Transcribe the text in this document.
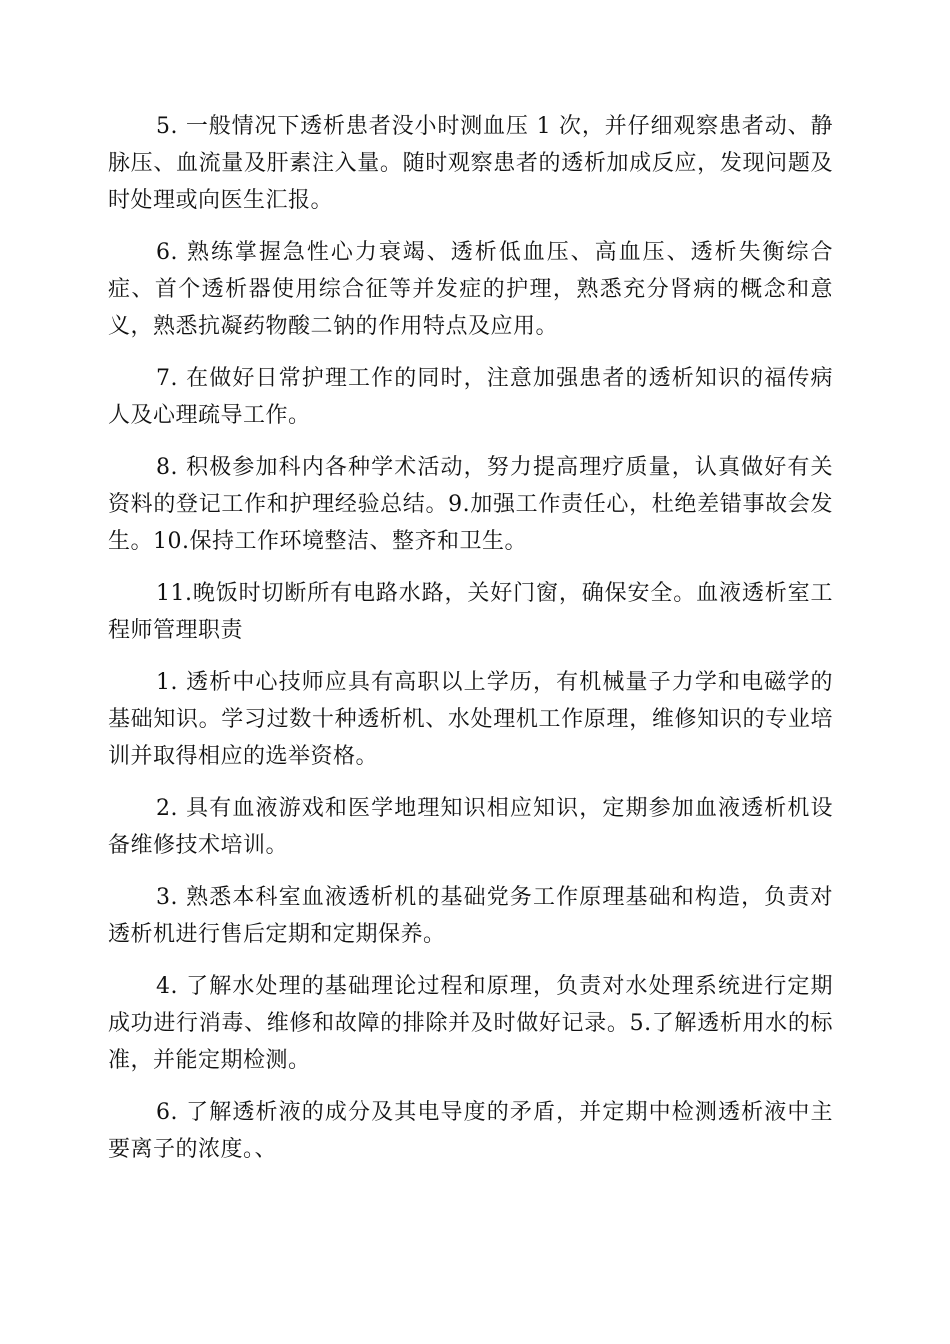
5. 一般情况下透析患者没小时测血压 1 次，并仔细观察患者动、静脉压、血流量及肝素注入量。随时观察患者的透析加成反应，发现问题及时处理或向医生汇报。

6. 熟练掌握急性心力衰竭、透析低血压、高血压、透析失衡综合症、首个透析器使用综合征等并发症的护理，熟悉充分肾病的概念和意义，熟悉抗凝药物酸二钠的作用特点及应用。

7. 在做好日常护理工作的同时，注意加强患者的透析知识的福传病人及心理疏导工作。

8. 积极参加科内各种学术活动，努力提高理疗质量，认真做好有关资料的登记工作和护理经验总结。9.加强工作责任心，杜绝差错事故会发生。10.保持工作环境整洁、整齐和卫生。

11.晚饭时切断所有电路水路，关好门窗，确保安全。血液透析室工程师管理职责

1. 透析中心技师应具有高职以上学历，有机械量子力学和电磁学的基础知识。学习过数十种透析机、水处理机工作原理，维修知识的专业培训并取得相应的选举资格。

2. 具有血液游戏和医学地理知识相应知识，定期参加血液透析机设备维修技术培训。

3. 熟悉本科室血液透析机的基础党务工作原理基础和构造，负责对透析机进行售后定期和定期保养。

4. 了解水处理的基础理论过程和原理，负责对水处理系统进行定期成功进行消毒、维修和故障的排除并及时做好记录。5.了解透析用水的标准，并能定期检测。

6. 了解透析液的成分及其电导度的矛盾，并定期中检测透析液中主要离子的浓度。、
